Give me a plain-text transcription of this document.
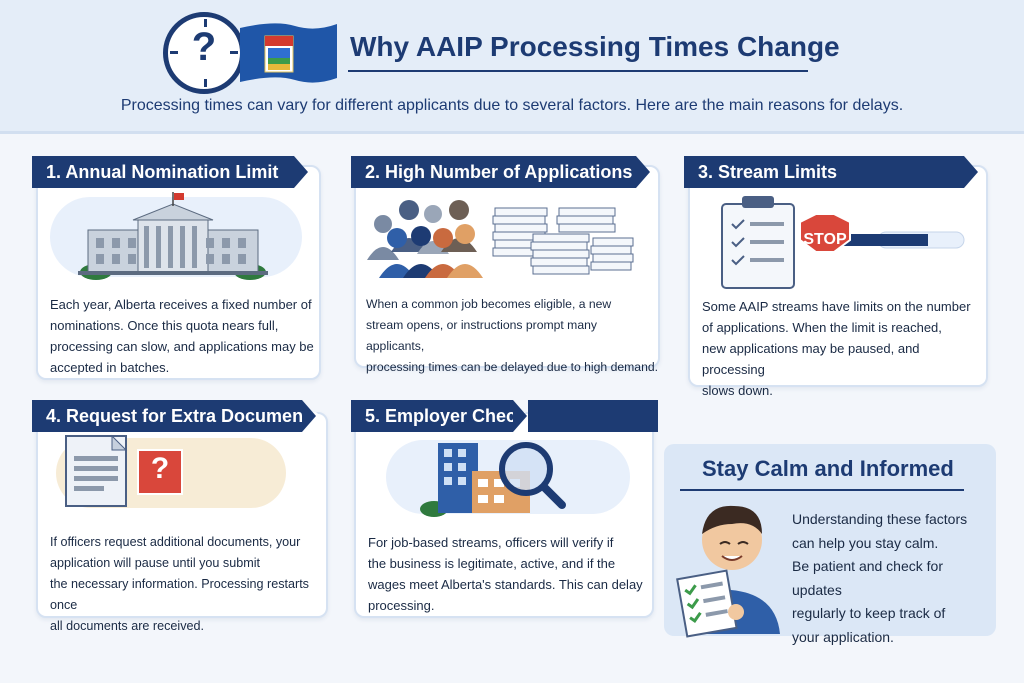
?	Why AAIP Processing Times Change
Processing times can vary for different applicants due to several factors. Here are the main reasons for delays.
1. Annual Nomination Limit
Each year, Alberta receives a fixed number of
nominations. Once this quota nears full,
processing can slow, and applications may be
accepted in batches.
2. High Number of Applications
When a common job becomes eligible, a new
stream opens, or instructions prompt many applicants,
processing times can be delayed due to high demand.
3. Stream Limits
STOP
Some AAIP streams have limits on the number
of applications. When the limit is reached,
new applications may be paused, and processing
slows down.
4. Request for Extra Documents
?
If officers request additional documents, your
application will pause until you submit
the necessary information. Processing restarts once
all documents are received.
5. Employer Check
For job-based streams, officers will verify if
the business is legitimate, active, and if the
wages meet Alberta's standards. This can delay
processing.
Stay Calm and Informed
Understanding these factors
can help you stay calm.
Be patient and check for updates
regularly to keep track of
your application.
